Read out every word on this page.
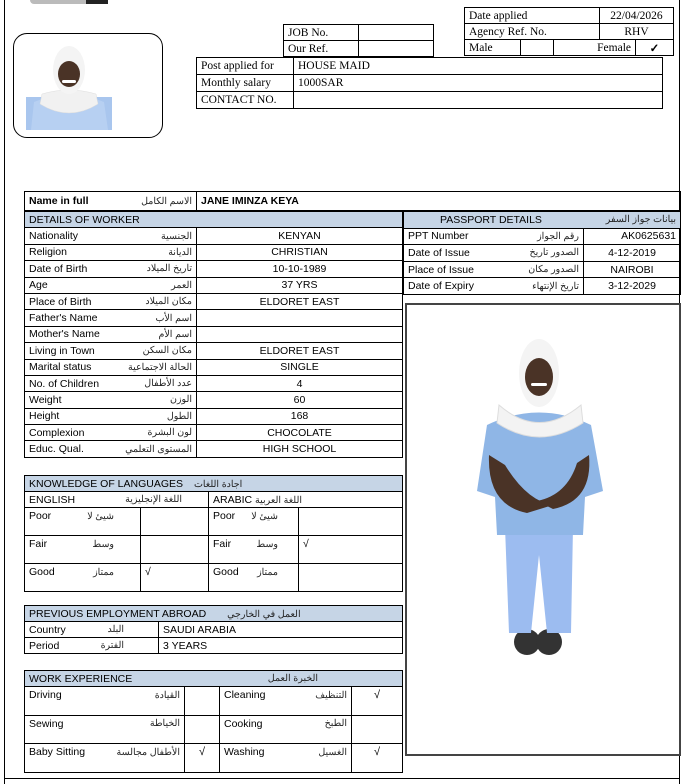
JOB No.	
Our Ref.	
Post applied for	HOUSE MAID
Monthly salary	1000SAR
CONTACT NO.	
Date applied			22/04/2026	
Agency Ref. No.			RHV	
Male		Female		✓
Name in full	الاسم الكامل	JANE IMINZA KEYA
DETAILS OF WORKER	

Nationality الجنسية	KENYAN

Religion الديانة	CHRISTIAN

Date of Birth تاريخ الميلاد	10-10-1989

Age العمر	37 YRS

Place of Birth مكان الميلاد	ELDORET EAST

Father's Name اسم الأب	

Mother's Name اسم الأم	

Living in Town مكان السكن	ELDORET EAST

Marital status الحالة الاجتماعية	SINGLE

No. of Children عدد الأطفال	4

Weight الوزن	60

Height الطول	168

Complexion لون البشرة	CHOCOLATE

Educ. Qual. المستوى التعلمي	HIGH SCHOOL
PASSPORT DETAILS بيانات جواز السفر	

PPT Number رقم الجواز	AK0625631

Date of Issue الصدور تاريخ	4-12-2019

Place of Issue الصدور مكان	NAIROBI

Date of Expiry تاريخ الإنتهاء	3-12-2029
KNOWLEDGE OF LANGUAGES اجادة اللغات			

ENGLISH اللغة الإنجليزية		ARABIC اللغة العربية	

Poor شيئ لا		Poor شيئ لا	

Fair وسط		Fair وسط	√

Good ممتاز	√	Good ممتاز	

PREVIOUS EMPLOYMENT ABROAD العمل في الخارجي	

Country البلد	SAUDI ARABIA

Period الفترة	3 YEARS
WORK EXPERIENCE الخبرة العمل			

Driving القيادة		Cleaning التنظيف	√

Sewing الخياطة		Cooking الطبخ	

Baby Sitting الأطفال مجالسة	√	Washing الغسيل	√
